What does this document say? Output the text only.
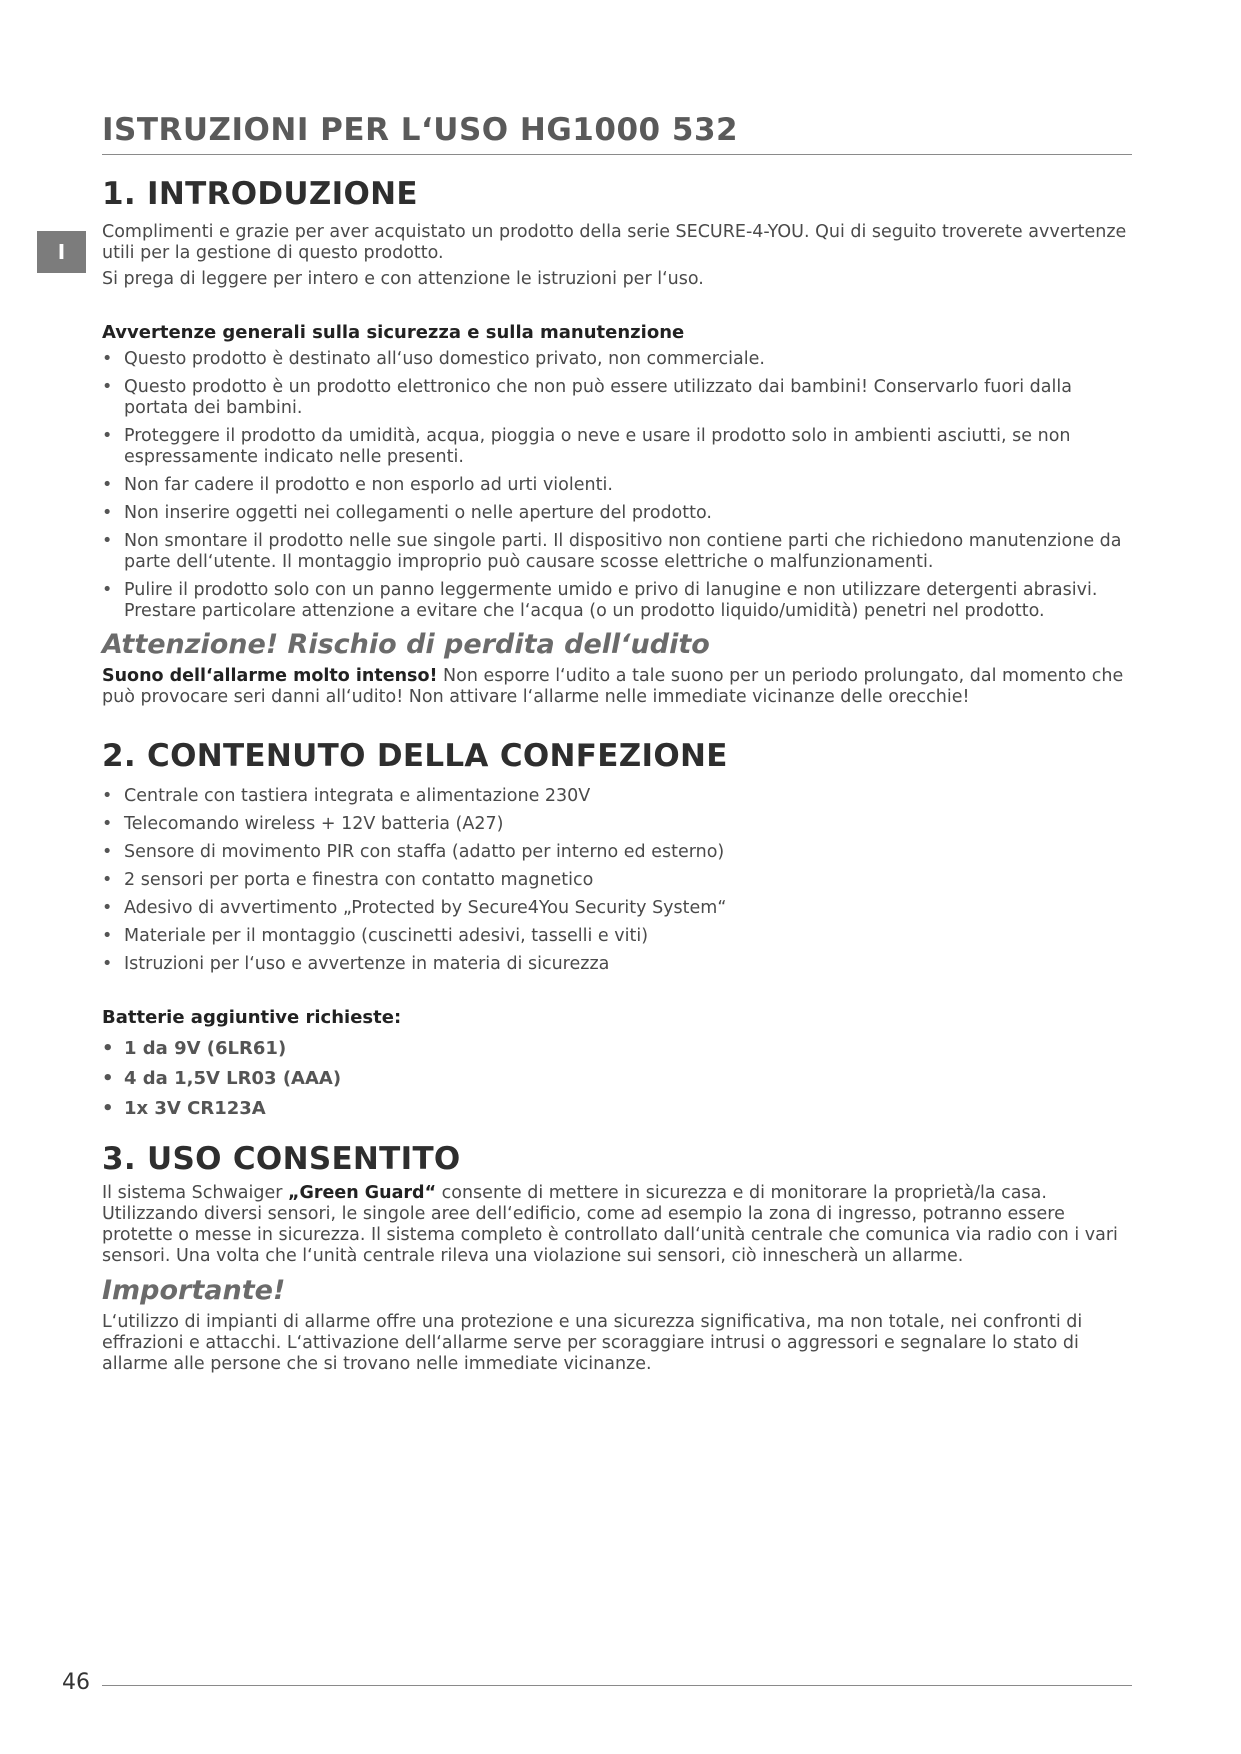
ISTRUZIONI PER L‘USO HG1000 532
I
1. INTRODUZIONE

Complimenti e grazie per aver acquistato un prodotto della serie SECURE-4-YOU. Qui di seguito troverete avvertenze utili per la gestione di questo prodotto.

Si prega di leggere per intero e con attenzione le istruzioni per l‘uso.

Avvertenze generali sulla sicurezza e sulla manutenzione
• Questo prodotto è destinato all‘uso domestico privato, non commerciale.
• Questo prodotto è un prodotto elettronico che non può essere utilizzato dai bambini! Conservarlo fuori dalla portata dei bambini.
• Proteggere il prodotto da umidità, acqua, pioggia o neve e usare il prodotto solo in ambienti asciutti, se non espressamente indicato nelle presenti.
• Non far cadere il prodotto e non esporlo ad urti violenti.
• Non inserire oggetti nei collegamenti o nelle aperture del prodotto.
• Non smontare il prodotto nelle sue singole parti. Il dispositivo non contiene parti che richiedono manutenzione da parte dell‘utente. Il montaggio improprio può causare scosse elettriche o malfunzionamenti.
• Pulire il prodotto solo con un panno leggermente umido e privo di lanugine e non utilizzare detergenti abrasivi. Prestare particolare attenzione a evitare che l‘acqua (o un prodotto liquido/umidità) penetri nel prodotto.
Attenzione! Rischio di perdita dell‘udito

Suono dell‘allarme molto intenso! Non esporre l‘udito a tale suono per un periodo prolungato, dal momento che può provocare seri danni all‘udito! Non attivare l‘allarme nelle immediate vicinanze delle orecchie!

2. CONTENUTO DELLA CONFEZIONE
• Centrale con tastiera integrata e alimentazione 230V
• Telecomando wireless + 12V batteria (A27)
• Sensore di movimento PIR con staffa (adatto per interno ed esterno)
• 2 sensori per porta e finestra con contatto magnetico
• Adesivo di avvertimento „Protected by Secure4You Security System“
• Materiale per il montaggio (cuscinetti adesivi, tasselli e viti)
• Istruzioni per l‘uso e avvertenze in materia di sicurezza
Batterie aggiuntive richieste:
• 1 da 9V (6LR61)
• 4 da 1,5V LR03 (AAA)
• 1x 3V CR123A
3. USO CONSENTITO

Il sistema Schwaiger „Green Guard“ consente di mettere in sicurezza e di monitorare la proprietà/la casa. Utilizzando diversi sensori, le singole aree dell‘edificio, come ad esempio la zona di ingresso, potranno essere protette o messe in sicurezza. Il sistema completo è controllato dall‘unità centrale che comunica via radio con i vari sensori. Una volta che l‘unità centrale rileva una violazione sui sensori, ciò innescherà un allarme.

Importante!

L‘utilizzo di impianti di allarme offre una protezione e una sicurezza significativa, ma non totale, nei confronti di effrazioni e attacchi. L‘attivazione dell‘allarme serve per scoraggiare intrusi o aggressori e segnalare lo stato di allarme alle persone che si trovano nelle immediate vicinanze.

46
